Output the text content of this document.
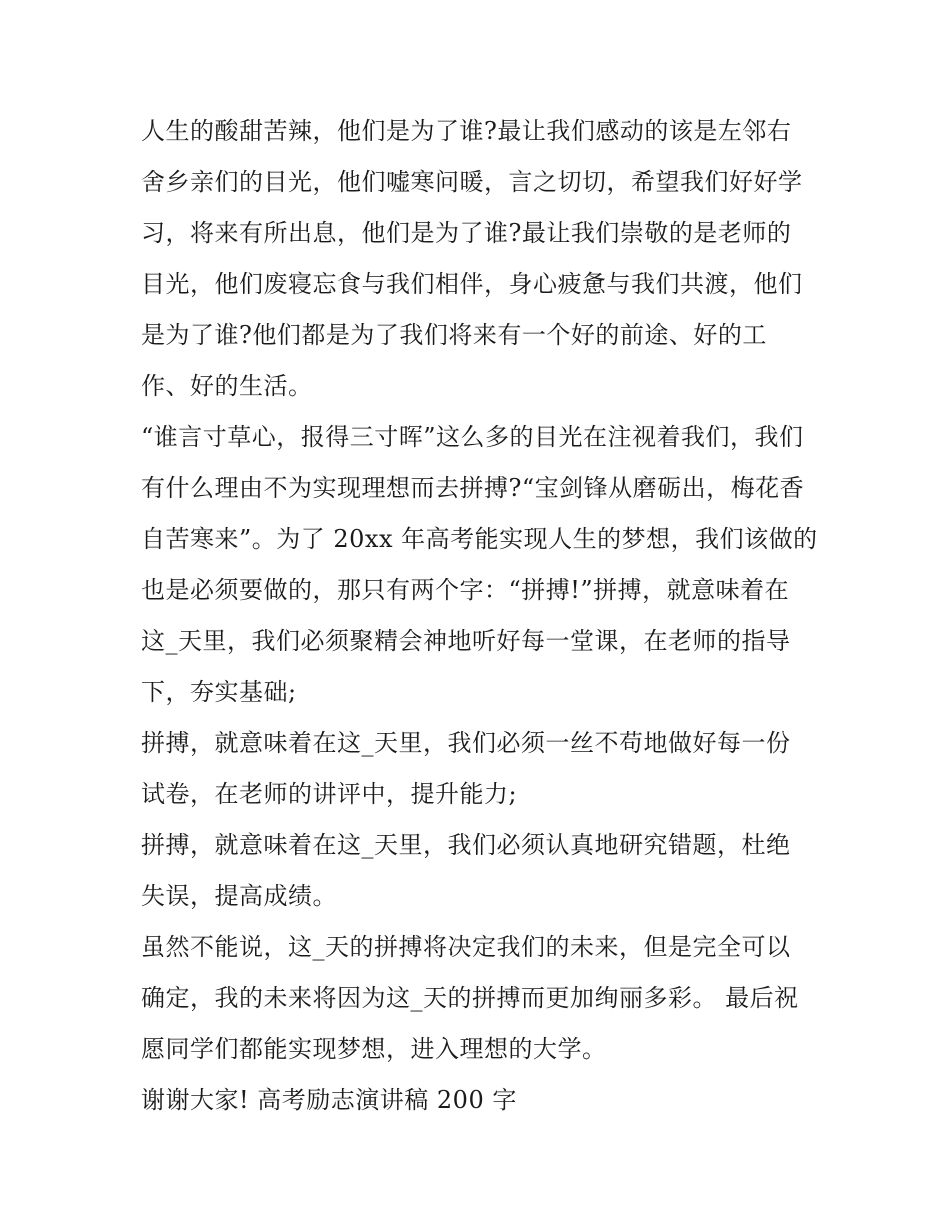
人生的酸甜苦辣，他们是为了谁?最让我们感动的该是左邻右
舍乡亲们的目光，他们嘘寒问暖，言之切切，希望我们好好学
习，将来有所出息，他们是为了谁?最让我们崇敬的是老师的
目光，他们废寝忘食与我们相伴，身心疲惫与我们共渡，他们
是为了谁?他们都是为了我们将来有一个好的前途、好的工
作、好的生活。
“谁言寸草心，报得三寸晖”这么多的目光在注视着我们，我们
有什么理由不为实现理想而去拼搏?“宝剑锋从磨砺出，梅花香
自苦寒来”。为了 20xx 年高考能实现人生的梦想，我们该做的
也是必须要做的，那只有两个字：“拼搏!”拼搏，就意味着在
这_天里，我们必须聚精会神地听好每一堂课，在老师的指导
下，夯实基础;
拼搏，就意味着在这_天里，我们必须一丝不苟地做好每一份
试卷，在老师的讲评中，提升能力;
拼搏，就意味着在这_天里，我们必须认真地研究错题，杜绝
失误，提高成绩。
虽然不能说，这_天的拼搏将决定我们的未来，但是完全可以
确定，我的未来将因为这_天的拼搏而更加绚丽多彩。 最后祝
愿同学们都能实现梦想，进入理想的大学。
谢谢大家! 高考励志演讲稿 200 字
